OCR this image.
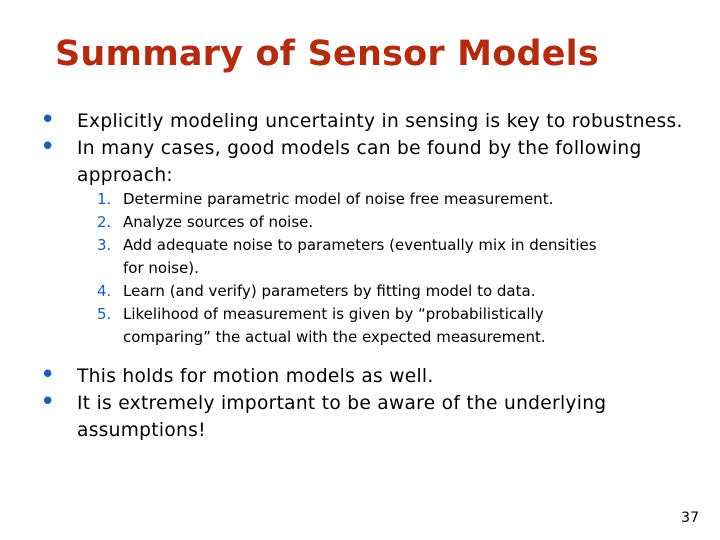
Summary of Sensor Models
• Explicitly modeling uncertainty in sensing is key to robustness.
• In many cases, good models can be found by the following
approach:
1. Determine parametric model of noise free measurement.
2. Analyze sources of noise.
3. Add adequate noise to parameters (eventually mix in densities
for noise).
4. Learn (and verify) parameters by fitting model to data.
5. Likelihood of measurement is given by “probabilistically
comparing” the actual with the expected measurement.
• This holds for motion models as well.
• It is extremely important to be aware of the underlying
assumptions!
37
